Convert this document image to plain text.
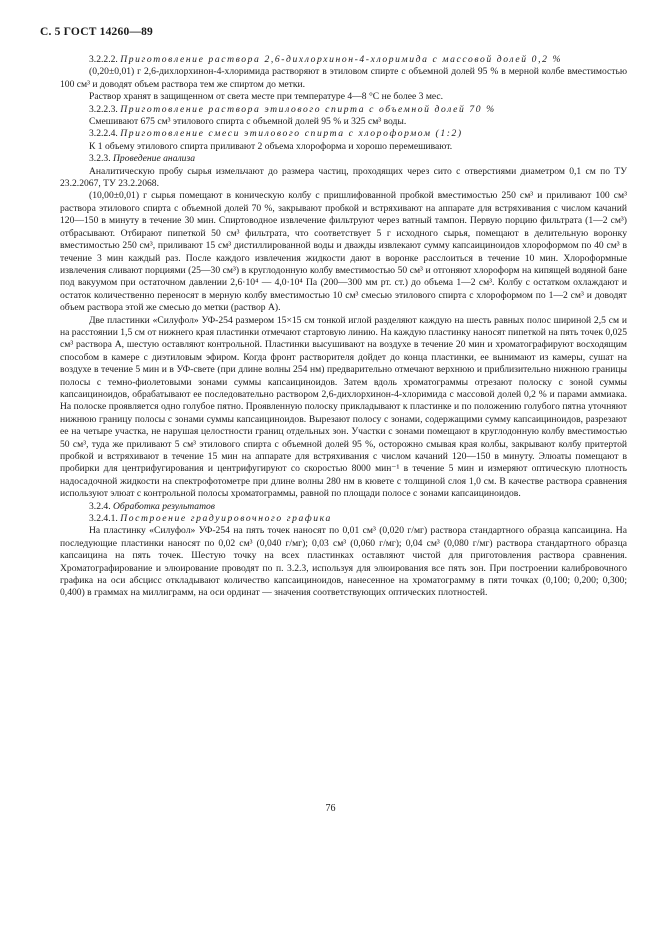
С. 5 ГОСТ 14260—89

3.2.2.2. Приготовление раствора 2,6-дихлорхинон-4-хлоримида с массовой долей 0,2 %

(0,20±0,01) г 2,6-дихлорхинон-4-хлоримида растворяют в этиловом спирте с объемной долей 95 % в мерной колбе вместимостью 100 см³ и доводят объем раствора тем же спиртом до метки.

Раствор хранят в защищенном от света месте при температуре 4—8 °С не более 3 мес.

3.2.2.3. Приготовление раствора этилового спирта с объемной долей 70 %

Смешивают 675 см³ этилового спирта с объемной долей 95 % и 325 см³ воды.

3.2.2.4. Приготовление смеси этилового спирта с хлороформом (1:2)

К 1 объему этилового спирта приливают 2 объема хлороформа и хорошо перемешивают.

3.2.3. Проведение анализа

Аналитическую пробу сырья измельчают до размера частиц, проходящих через сито с отверстиями диаметром 0,1 см по ТУ 23.2.2067, ТУ 23.2.2068.

(10,00±0,01) г сырья помещают в коническую колбу с пришлифованной пробкой вместимостью 250 см³ и приливают 100 см³ раствора этилового спирта с объемной долей 70 %, закрывают пробкой и встряхивают на аппарате для встряхивания с числом качаний 120—150 в минуту в течение 30 мин. Спиртоводное извлечение фильтруют через ватный тампон. Первую порцию фильтрата (1—2 см³) отбрасывают. Отбирают пипеткой 50 см³ фильтрата, что соответствует 5 г исходного сырья, помещают в делительную воронку вместимостью 250 см³, приливают 15 см³ дистиллированной воды и дважды извлекают сумму капсаициноидов хлороформом по 40 см³ в течение 3 мин каждый раз. После каждого извлечения жидкости дают в воронке расслоиться в течение 10 мин. Хлороформные извлечения сливают порциями (25—30 см³) в круглодонную колбу вместимостью 50 см³ и отгоняют хлороформ на кипящей водяной бане под вакуумом при остаточном давлении 2,6·10⁴ — 4,0·10⁴ Па (200—300 мм рт. ст.) до объема 1—2 см³. Колбу с остатком охлаждают и остаток количественно переносят в мерную колбу вместимостью 10 см³ смесью этилового спирта с хлороформом по 1—2 см³ и доводят объем раствора этой же смесью до метки (раствор А).

Две пластинки «Силуфол» УФ-254 размером 15×15 см тонкой иглой разделяют каждую на шесть равных полос шириной 2,5 см и на расстоянии 1,5 см от нижнего края пластинки отмечают стартовую линию. На каждую пластинку наносят пипеткой на пять точек 0,025 см³ раствора А, шестую оставляют контрольной. Пластинки высушивают на воздухе в течение 20 мин и хроматографируют восходящим способом в камере с диэтиловым эфиром. Когда фронт растворителя дойдет до конца пластинки, ее вынимают из камеры, сушат на воздухе в течение 5 мин и в УФ-свете (при длине волны 254 нм) предварительно отмечают верхнюю и приблизительно нижнюю границы полосы с темно-фиолетовыми зонами суммы капсаициноидов. Затем вдоль хроматограммы отрезают полоску с зоной суммы капсаициноидов, обрабатывают ее последовательно раствором 2,6-дихлорхинон-4-хлоримида с массовой долей 0,2 % и парами аммиака. На полоске проявляется одно голубое пятно. Проявленную полоску прикладывают к пластинке и по положению голубого пятна уточняют нижнюю границу полосы с зонами суммы капсаициноидов. Вырезают полосу с зонами, содержащими сумму капсаициноидов, разрезают ее на четыре участка, не нарушая целостности границ отдельных зон. Участки с зонами помещают в круглодонную колбу вместимостью 50 см³, туда же приливают 5 см³ этилового спирта с объемной долей 95 %, осторожно смывая края колбы, закрывают колбу притертой пробкой и встряхивают в течение 15 мин на аппарате для встряхивания с числом качаний 120—150 в минуту. Элюаты помещают в пробирки для центрифугирования и центрифугируют со скоростью 8000 мин⁻¹ в течение 5 мин и измеряют оптическую плотность надосадочной жидкости на спектрофотометре при длине волны 280 нм в кювете с толщиной слоя 1,0 см. В качестве раствора сравнения используют элюат с контрольной полосы хроматограммы, равной по площади полосе с зонами капсаициноидов.

3.2.4. Обработка результатов

3.2.4.1. Построение градуировочного графика

На пластинку «Силуфол» УФ-254 на пять точек наносят по 0,01 см³ (0,020 г/мг) раствора стандартного образца капсаицина. На последующие пластинки наносят по 0,02 см³ (0,040 г/мг); 0,03 см³ (0,060 г/мг); 0,04 см³ (0,080 г/мг) раствора стандартного образца капсаицина на пять точек. Шестую точку на всех пластинках оставляют чистой для приготовления раствора сравнения. Хроматографирование и элюирование проводят по п. 3.2.3, используя для элюирования все пять зон. При построении калибровочного графика на оси абсцисс откладывают количество капсаициноидов, нанесенное на хроматограмму в пяти точках (0,100; 0,200; 0,300; 0,400) в граммах на миллиграмм, на оси ординат — значения соответствующих оптических плотностей.

76
